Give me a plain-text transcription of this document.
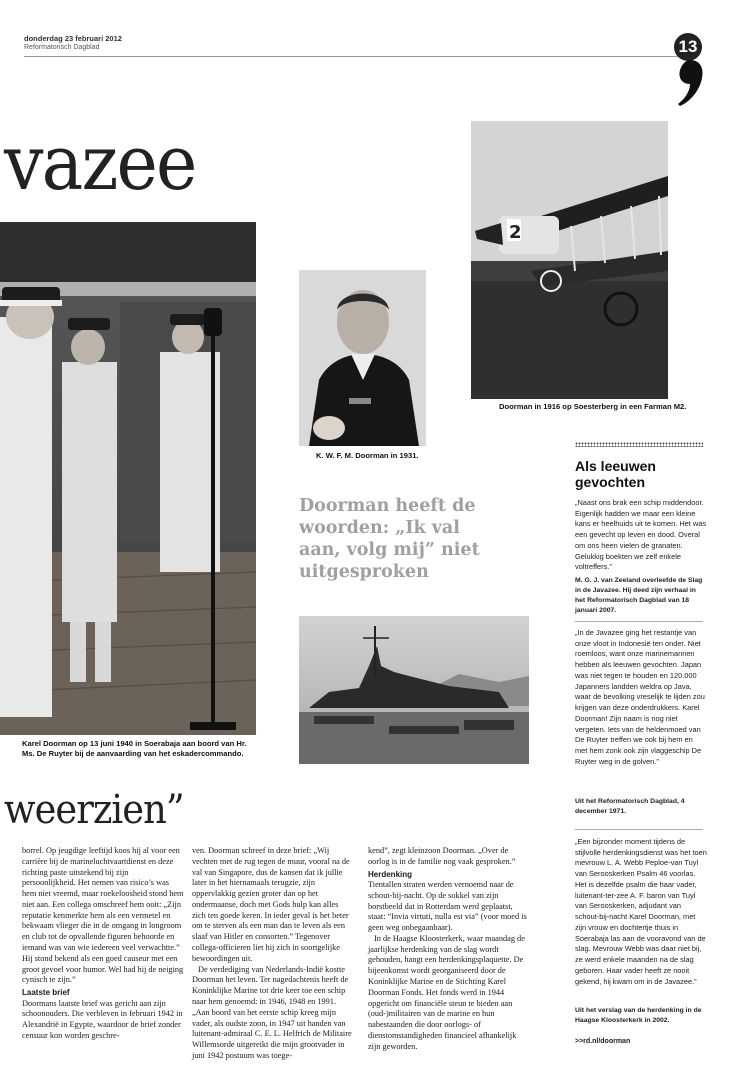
donderdag 23 februari 2012
Reformatorisch Dagblad	13
vazee
Karel Doorman op 13 juni 1940 in Soerabaja aan boord van Hr. Ms. De Ruyter bij de aanvaarding van het eskadercommando.
K. W. F. M. Doorman in 1931.
2
Doorman in 1916 op Soesterberg in een Farman M2.
Doorman heeft de woorden: „Ik val aan, volg mij” niet uitgesproken
Als leeuwen gevochten
„Naast ons brak een schip middendoor. Eigenlijk hadden we maar een kleine kans er heelhuids uit te komen. Het was een gevecht op leven en dood. Overal om ons heen vielen de granaten. Gelukkig boekten we zelf enkele voltreffers.”
M. G. J. van Zeeland overleefde de Slag in de Javazee. Hij deed zijn verhaal in het Reformatorisch Dagblad van 18 januari 2007.
„In de Javazee ging het restantje van onze vloot in Indonesië ten onder. Niet roemloos, want onze marinemannen hebben als leeuwen gevochten. Japan was niet tegen te houden en 120.000 Japanners landden weldra op Java, waar de bevolking vreselijk te lijden zou krijgen van deze onderdrukkers. Karel Doorman! Zijn naam is nog niet vergeten. Iets van de heldenmoed van De Ruyter treffen we ook bij hem en met hem zonk ook zijn vlaggeschip De Ruyter weg in de golven.”
Uit het Reformatorisch Dagblad, 4 december 1971.
„Een bijzonder moment tijdens de stijlvolle herdenkingsdienst was het toen mevrouw L. A. Webb Peploe-van Tuyl van Serooskerken Psalm 46 voorlas. Het is dezelfde psalm die haar vader, luitenant-ter-zee A. F. baron van Tuyl van Serooskerken, adjudant van schout-bij-nacht Karel Doorman, met zijn vrouw en dochtertje thuis in Soerabaja las aan de vooravond van de slag. Mevrouw Webb was daar niet bij, ze werd enkele maanden na de slag geboren. Haar vader heeft ze nooit gekend, hij kwam om in de Javazee.”
Uit het verslag van de herdenking in de Haagse Kloosterkerk in 2002.
>>rd.nl/doorman
weerzien”

borrel. Op jeugdige leeftijd koos hij al voor een carrière bij de marineluchtvaartdienst en deze richting paste uitstekend bij zijn persoonlijkheid. Het nemen van risico’s was hem niet vreemd, maar roekeloosheid stond hem niet aan. Een collega omschreef hem ooit: „Zijn reputatie kenmerkte hem als een vermetel en bekwaam vlieger die in de omgang in longroom en club tot de opvallende figuren behoorde en iemand was van wie iedereen veel verwachtte.” Hij stond bekend als een goed causeur met een groot gevoel voor humor. Wel had hij de neiging cynisch te zijn.”

Laatste brief

Doormans laatste brief was gericht aan zijn schoonouders. Die verbleven in februari 1942 in Alexandrië in Egypte, waardoor de brief zonder censuur kon worden geschre-

ven. Doorman schreef in deze brief: „Wij vechten met de rug tegen de muur, vooral na de val van Singapore, dus de kansen dat ik jullie later in het hiernamaals terugzie, zijn oppervlakkig gezien groter dan op het ondermaanse, doch met Gods hulp kan alles zich ten goede keren. In ieder geval is het beter om te sterven als een man dan te leven als een slaaf van Hitler en consorten.” Tegenover collega-officieren liet hij zich in soortgelijke bewoordingen uit.

De verdediging van Nederlands-Indië kostte Doorman het leven. Ter nagedachtenis heeft de Koninklijke Marine tot drie keer toe een schip naar hem genoemd: in 1946, 1948 en 1991. „Aan boord van het eerste schip kreeg mijn vader, als oudste zoon, in 1947 uit handen van luitenant-admiraal C. E. L. Helfrich de Militaire Willemsorde uitgereikt die mijn grootvader in juni 1942 postuum was toege-

kend”, zegt kleinzoon Doorman. „Over de oorlog is in de familie nog vaak gesproken.”

Herdenking

Tientallen straten werden vernoemd naar de schout-bij-nacht. Op de sokkel van zijn borstbeeld dat in Rotterdam werd geplaatst, staat: “Invia virtuti, nulla est via” (voor moed is geen weg onbegaanbaar).

In de Haagse Kloosterkerk, waar maandag de jaarlijkse herdenking van de slag wordt gehouden, hangt een herdenkingsplaquette. De bijeenkomst wordt georganiseerd door de Koninklijke Marine en de Stichting Karel Doorman Fonds. Het fonds werd in 1944 opgericht om financiële steun te bieden aan (oud-)militairen van de marine en hun nabestaanden die door oorlogs- of dienstomstandigheden financieel afhankelijk zijn geworden.
